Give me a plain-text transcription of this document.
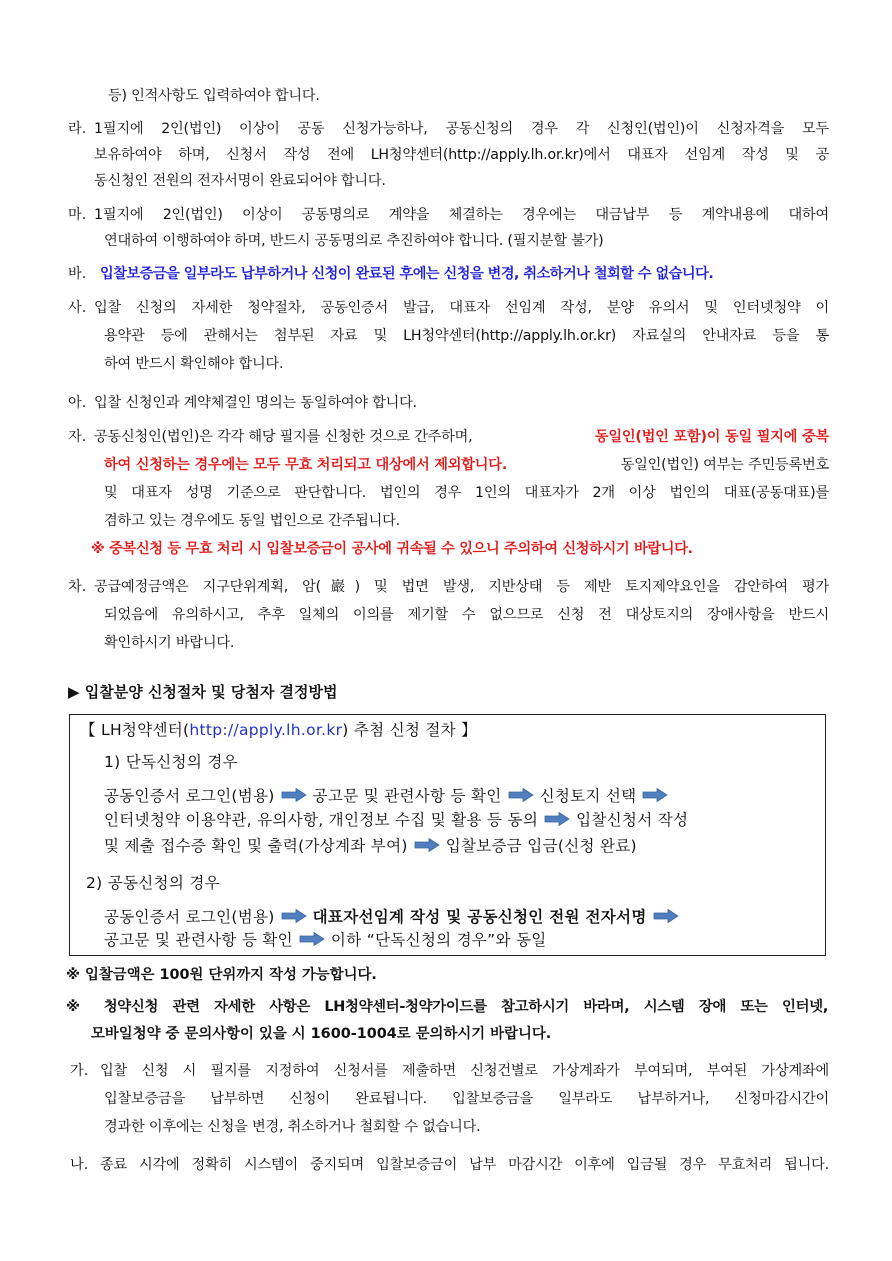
등) 인적사항도 입력하여야 합니다.
라. 1필지에 2인(법인) 이상이 공동 신청가능하나, 공동신청의 경우 각 신청인(법인)이 신청자격을 모두
보유하여야 하며, 신청서 작성 전에 LH청약센터(http://apply.lh.or.kr)에서 대표자 선임계 작성 및 공
동신청인 전원의 전자서명이 완료되어야 합니다.
마. 1필지에 2인(법인) 이상이 공동명의로 계약을 체결하는 경우에는 대금납부 등 계약내용에 대하여
연대하여 이행하여야 하며, 반드시 공동명의로 추진하여야 합니다. (필지분할 불가)
바. 입찰보증금을 일부라도 납부하거나 신청이 완료된 후에는 신청을 변경, 취소하거나 철회할 수 없습니다.
사. 입찰 신청의 자세한 청약절차, 공동인증서 발급, 대표자 선임계 작성, 분양 유의서 및 인터넷청약 이
용약관 등에 관해서는 첨부된 자료 및 LH청약센터(http://apply.lh.or.kr) 자료실의 안내자료 등을 통
하여 반드시 확인해야 합니다.
아. 입찰 신청인과 계약체결인 명의는 동일하여야 합니다.
자. 공동신청인(법인)은 각각 해당 필지를 신청한 것으로 간주하며,	동일인(법인 포함)이 동일 필지에 중복
하여 신청하는 경우에는 모두 무효 처리되고 대상에서 제외합니다.	동일인(법인) 여부는 주민등록번호
및 대표자 성명 기준으로 판단합니다. 법인의 경우 1인의 대표자가 2개 이상 법인의 대표(공동대표)를
겸하고 있는 경우에도 동일 법인으로 간주됩니다.
※ 중복신청 등 무효 처리 시 입찰보증금이 공사에 귀속될 수 있으니 주의하여 신청하시기 바랍니다.
차. 공급예정금액은 지구단위계획, 암(巖) 및 법면 발생, 지반상태 등 제반 토지제약요인을 감안하여 평가
되었음에 유의하시고, 추후 일체의 이의를 제기할 수 없으므로 신청 전 대상토지의 장애사항을 반드시
확인하시기 바랍니다.
▶ 입찰분양 신청절차 및 당첨자 결정방법
【 LH청약센터(http://apply.lh.or.kr) 추첨 신청 절차 】
1) 단독신청의 경우
공동인증서 로그인(범용) 공고문 및 관련사항 등 확인 신청토지 선택
인터넷청약 이용약관, 유의사항, 개인정보 수집 및 활용 등 동의 입찰신청서 작성
및 제출 접수증 확인 및 출력(가상계좌 부여) 입찰보증금 입금(신청 완료)
2) 공동신청의 경우
공동인증서 로그인(범용) 대표자선임계 작성 및 공동신청인 전원 전자서명
공고문 및 관련사항 등 확인 이하 “단독신청의 경우”와 동일
※ 입찰금액은 100원 단위까지 작성 가능합니다.
※ 청약신청 관련 자세한 사항은 LH청약센터-청약가이드를 참고하시기 바라며, 시스템 장애 또는 인터넷,
모바일청약 중 문의사항이 있을 시 1600-1004로 문의하시기 바랍니다.
가. 입찰 신청 시 필지를 지정하여 신청서를 제출하면 신청건별로 가상계좌가 부여되며, 부여된 가상계좌에
입찰보증금을 납부하면 신청이 완료됩니다. 입찰보증금을 일부라도 납부하거나, 신청마감시간이
경과한 이후에는 신청을 변경, 취소하거나 철회할 수 없습니다.
나. 종료 시각에 정확히 시스템이 중지되며 입찰보증금이 납부 마감시간 이후에 입금될 경우 무효처리 됩니다.
